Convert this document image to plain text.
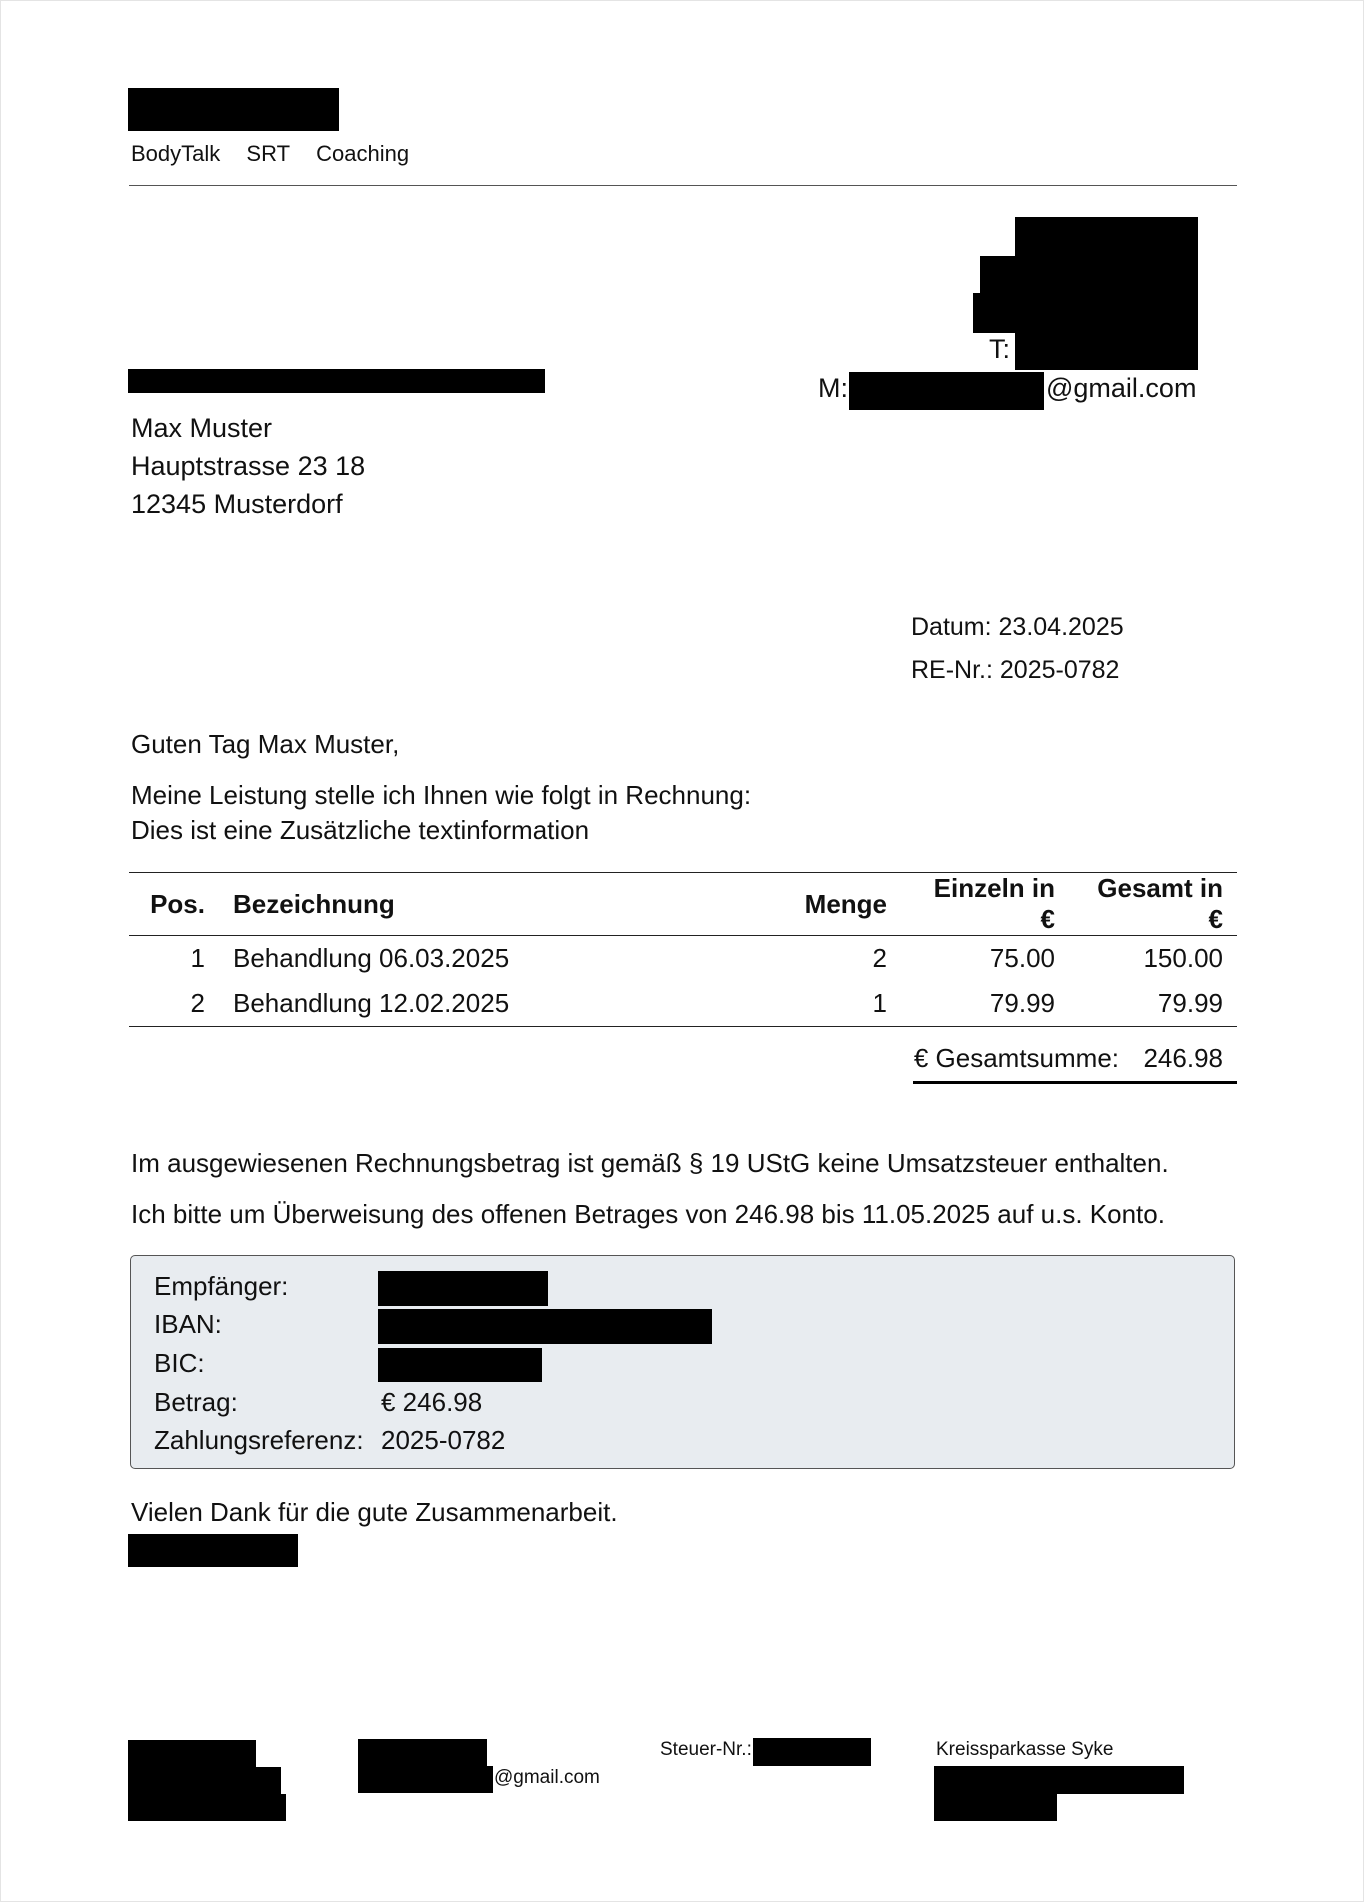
BodyTalk SRT Coaching
T:
M:	@gmail.com
Max Muster
Hauptstrasse 23 18
12345 Musterdorf
Datum: 23.04.2025
RE-Nr.: 2025-0782
Guten Tag Max Muster,
Meine Leistung stelle ich Ihnen wie folgt in Rechnung:
Dies ist eine Zusätzliche textinformation
Pos.	Bezeichnung	Menge	Einzeln in €	Gesamt in €
1	Behandlung 06.03.2025	2	75.00	150.00
2	Behandlung 12.02.2025	1	79.99	79.99
€ Gesamtsumme: 246.98
Im ausgewiesenen Rechnungsbetrag ist gemäß § 19 UStG keine Umsatzsteuer enthalten.
Ich bitte um Überweisung des offenen Betrages von 246.98 bis 11.05.2025 auf u.s. Konto.
Empfänger:
IBAN:
BIC:
Betrag:	€ 246.98
Zahlungsreferenz: 2025-0782
Vielen Dank für die gute Zusammenarbeit.
@gmail.com
Steuer-Nr.:	Kreissparkasse Syke
